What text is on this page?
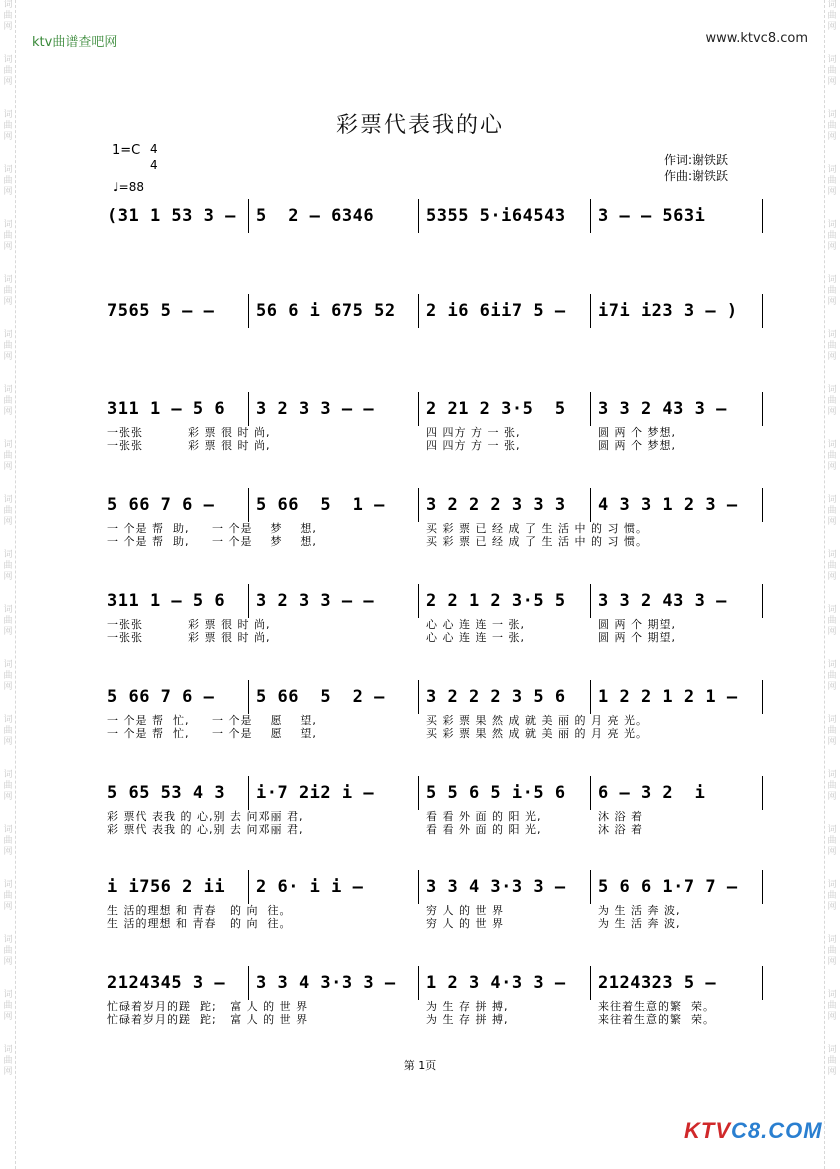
词
曲
网
词
曲
网
词
曲
网
词
曲
网
词
曲
网
词
曲
网
词
曲
网
词
曲
网
词
曲
网
词
曲
网
词
曲
网
词
曲
网
词
曲
网
词
曲
网
词
曲
网
词
曲
网
词
曲
网
词
曲
网
词
曲
网
词
曲
网
词
曲
网
词
曲
网
词
曲
网
词
曲
网
词
曲
网
词
曲
网
词
曲
网
词
曲
网
词
曲
网
词
曲
网
词
曲
网
词
曲
网
词
曲
网
词
曲
网
词
曲
网
词
曲
网
词
曲
网
词
曲
网
词
曲
网
词
曲
网
ktv曲谱查吧网	www.ktvc8.com
彩票代表我的心
1=C 4
4
♩=88
作词:谢铁跃
作曲:谢铁跃
(31 1 53 3 – 5  2 – 6346	5355 5·i64543 3 – – 563i
7565 5 – – 56 6 i 675 52 2 i6 6ii7 5 – i7i i23 3 – )
311 1 – 5 6 3 2 3 3 – –	2 21 2 3·5  5 3 3 2 43 3 –
一张张          彩 票 很 时 尚,
一张张          彩 票 很 时 尚,
四 四方 方 一 张,
四 四方 方 一 张,
圆 两 个 梦想,
圆 两 个 梦想,
5 66 7 6 – 5 66  5  1 – 3 2 2 2 3 3 3 4 3 3 1 2 3 –
一 个是 帮  助,     一 个是    梦    想,
一 个是 帮  助,     一 个是    梦    想,
买 彩 票 已 经 成 了 生 活 中 的 习 惯。
买 彩 票 已 经 成 了 生 活 中 的 习 惯。
311 1 – 5 6 3 2 3 3 – –	2 2 1 2 3·5 5 3 3 2 43 3 –
一张张          彩 票 很 时 尚,
一张张          彩 票 很 时 尚,
心 心 连 连 一 张,
心 心 连 连 一 张,
圆 两 个 期望,
圆 两 个 期望,
5 66 7 6 – 5 66  5  2 – 3 2 2 2 3 5 6 1 2 2 1 2 1 –
一 个是 帮  忙,     一 个是    愿    望,
一 个是 帮  忙,     一 个是    愿    望,
买 彩 票 果 然 成 就 美 丽 的 月 亮 光。
买 彩 票 果 然 成 就 美 丽 的 月 亮 光。
5 65 53 4 3 i·7 2i2 i –	5 5 6 5 i·5 6 6 – 3 2  i
彩 票代 表我 的 心,别 去 问邓丽 君,
彩 票代 表我 的 心,别 去 问邓丽 君,
看 看 外 面 的 阳 光,
看 看 外 面 的 阳 光,
沐 浴 着
沐 浴 着
i i756 2 ii 2 6· i i –	3 3 4 3·3 3 – 5 6 6 1·7 7 –
生 活的理想 和 青春   的 向  往。
生 活的理想 和 青春   的 向  往。
穷 人 的 世 界
穷 人 的 世 界
为 生 活 奔 波,
为 生 活 奔 波,
2124345 3 – 3 3 4 3·3 3 – 1 2 3 4·3 3 – 2124323 5 –
忙碌着岁月的蹉  跎;   富 人 的 世 界
忙碌着岁月的蹉  跎;   富 人 的 世 界
为 生 存 拼 搏,
为 生 存 拼 搏,
来往着生意的繁  荣。
来往着生意的繁  荣。
第 1页
KTVC8.COM
